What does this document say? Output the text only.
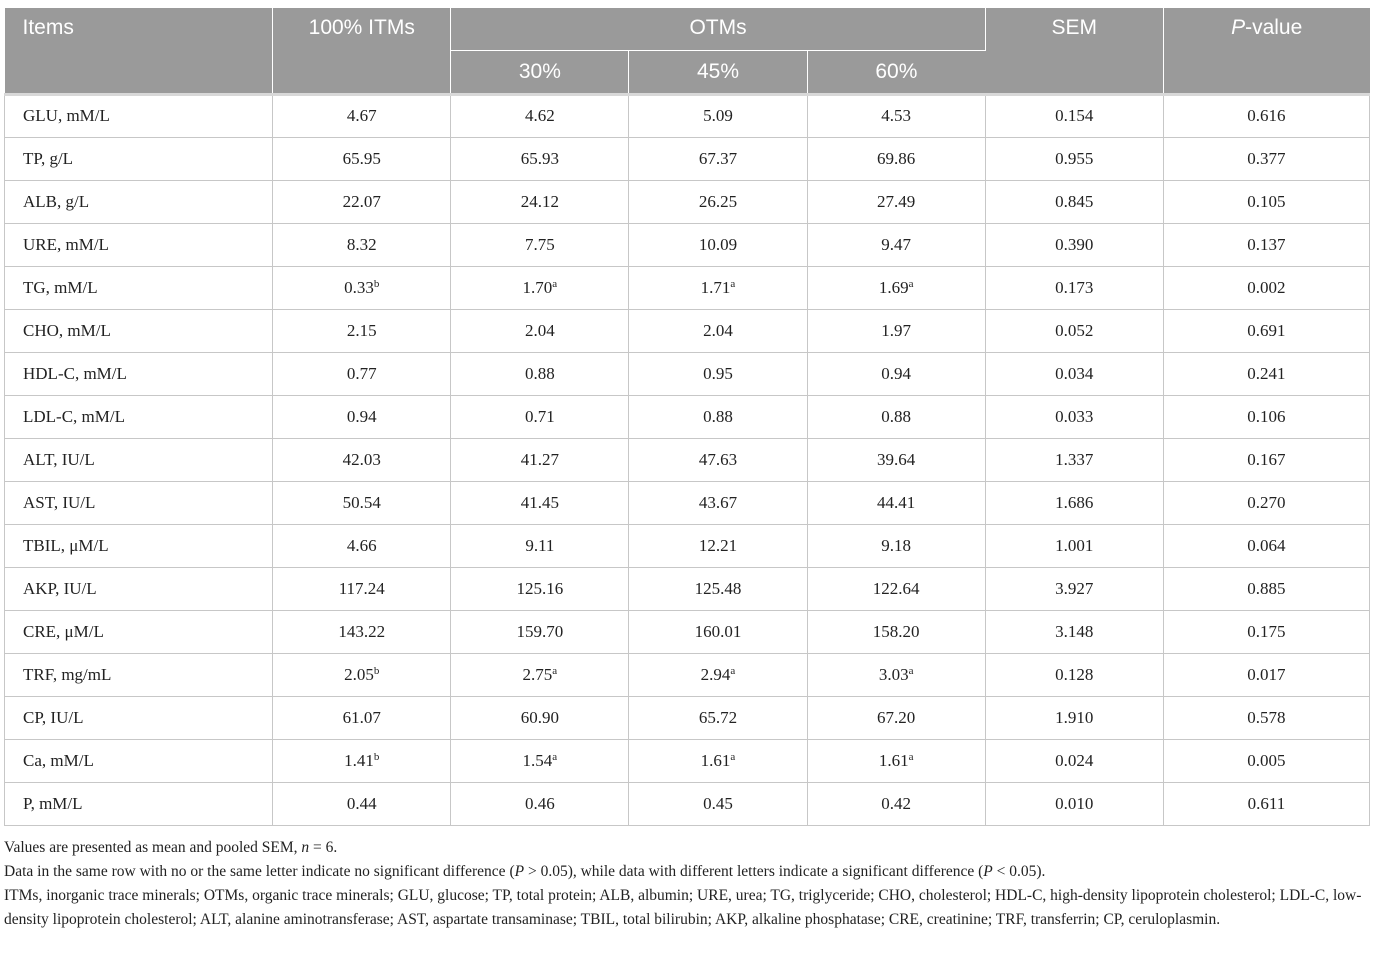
Items	100% ITMs	OTMs			SEM	P-value
		30%	45%	60%		
GLU, mM/L	4.67	4.62	5.09	4.53	0.154	0.616
TP, g/L	65.95	65.93	67.37	69.86	0.955	0.377
ALB, g/L	22.07	24.12	26.25	27.49	0.845	0.105
URE, mM/L	8.32	7.75	10.09	9.47	0.390	0.137
TG, mM/L	0.33$^b$	1.70$^a$	1.71$^a$	1.69$^a$	0.173	0.002
CHO, mM/L	2.15	2.04	2.04	1.97	0.052	0.691
HDL-C, mM/L	0.77	0.88	0.95	0.94	0.034	0.241
LDL-C, mM/L	0.94	0.71	0.88	0.88	0.033	0.106
ALT, IU/L	42.03	41.27	47.63	39.64	1.337	0.167
AST, IU/L	50.54	41.45	43.67	44.41	1.686	0.270
TBIL, μM/L	4.66	9.11	12.21	9.18	1.001	0.064
AKP, IU/L	117.24	125.16	125.48	122.64	3.927	0.885
CRE, μM/L	143.22	159.70	160.01	158.20	3.148	0.175
TRF, mg/mL	2.05$^b$	2.75$^a$	2.94$^a$	3.03$^a$	0.128	0.017
CP, IU/L	61.07	60.90	65.72	67.20	1.910	0.578
Ca, mM/L	1.41$^b$	1.54$^a$	1.61$^a$	1.61$^a$	0.024	0.005
P, mM/L	0.44	0.46	0.45	0.42	0.010	0.611

Values are presented as mean and pooled SEM, n = 6.

Data in the same row with no or the same letter indicate no significant difference (P > 0.05), while data with different letters indicate a significant difference (P < 0.05).

ITMs, inorganic trace minerals; OTMs, organic trace minerals; GLU, glucose; TP, total protein; ALB, albumin; URE, urea; TG, triglyceride; CHO, cholesterol; HDL-C, high-density lipoprotein cholesterol; LDL-C, low-density lipoprotein cholesterol; ALT, alanine aminotransferase; AST, aspartate transaminase; TBIL, total bilirubin; AKP, alkaline phosphatase; CRE, creatinine; TRF, transferrin; CP, ceruloplasmin.
